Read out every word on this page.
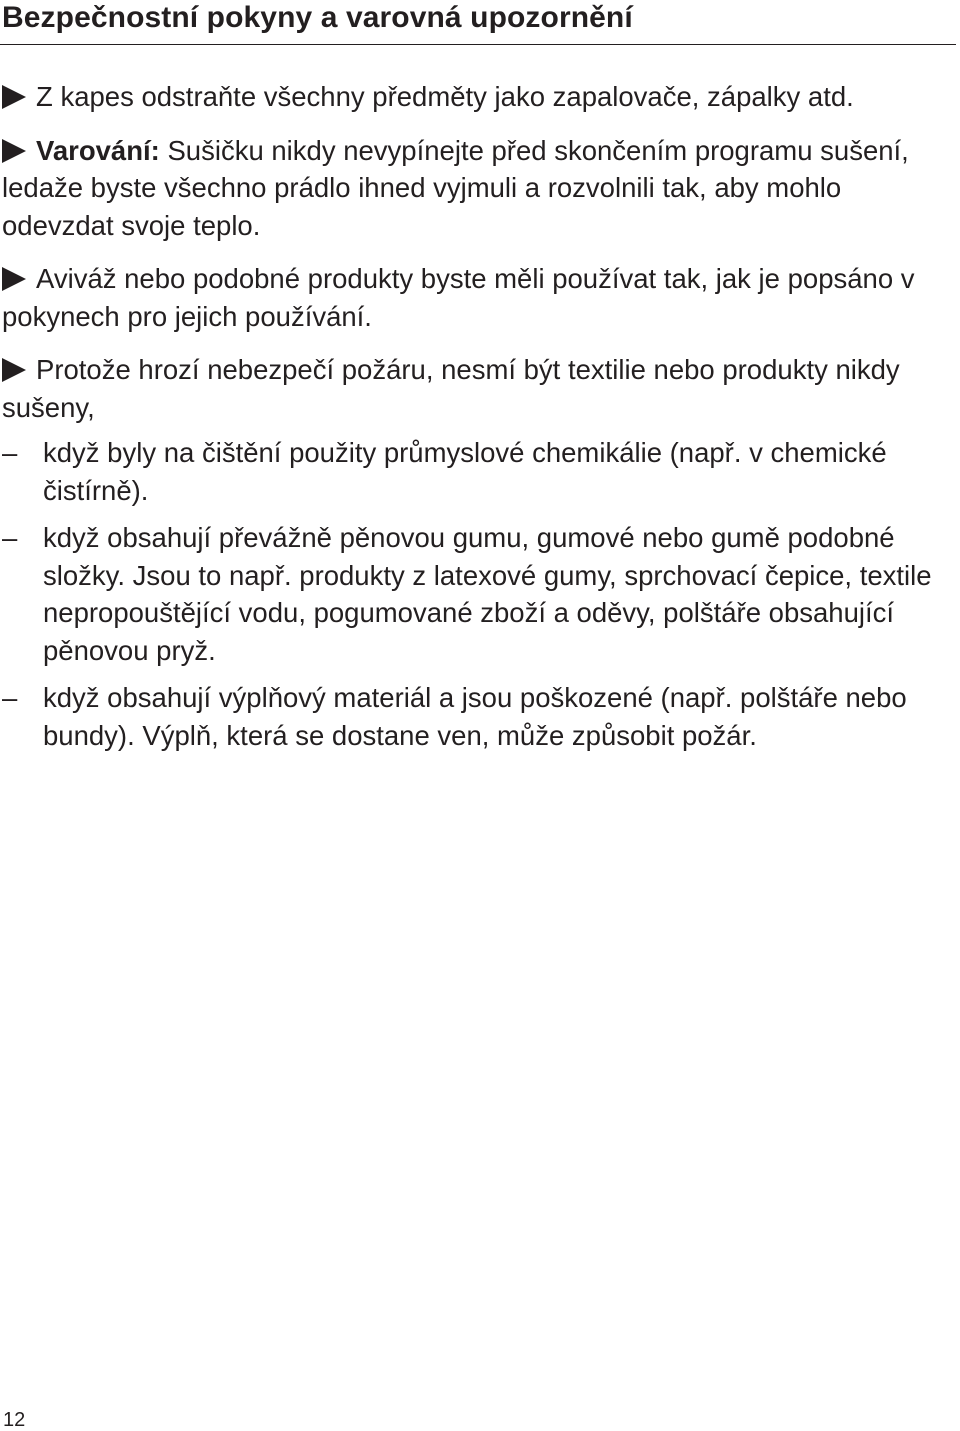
Bezpečnostní pokyny a varovná upozornění

Z kapes odstraňte všechny předměty jako zapalovače, zápalky atd.

Varování: Sušičku nikdy nevypínejte před skončením programu sušení, ledaže byste všechno prádlo ihned vyjmuli a rozvolnili tak, aby mohlo odevzdat svoje teplo.

Aviváž nebo podobné produkty byste měli používat tak, jak je popsáno v pokynech pro jejich používání.

Protože hrozí nebezpečí požáru, nesmí být textilie nebo produkty nikdy sušeny,

– když byly na čištění použity průmyslové chemikálie (např. v chemické čistírně).
– když obsahují převážně pěnovou gumu, gumové nebo gumě podobné složky. Jsou to např. produkty z latexové gumy, sprchovací čepice, textile nepropouštějící vodu, pogumované zboží a oděvy, polštáře obsahující pěnovou pryž.
– když obsahují výplňový materiál a jsou poškozené (např. polštáře nebo bundy). Výplň, která se dostane ven, může způsobit požár.
12
